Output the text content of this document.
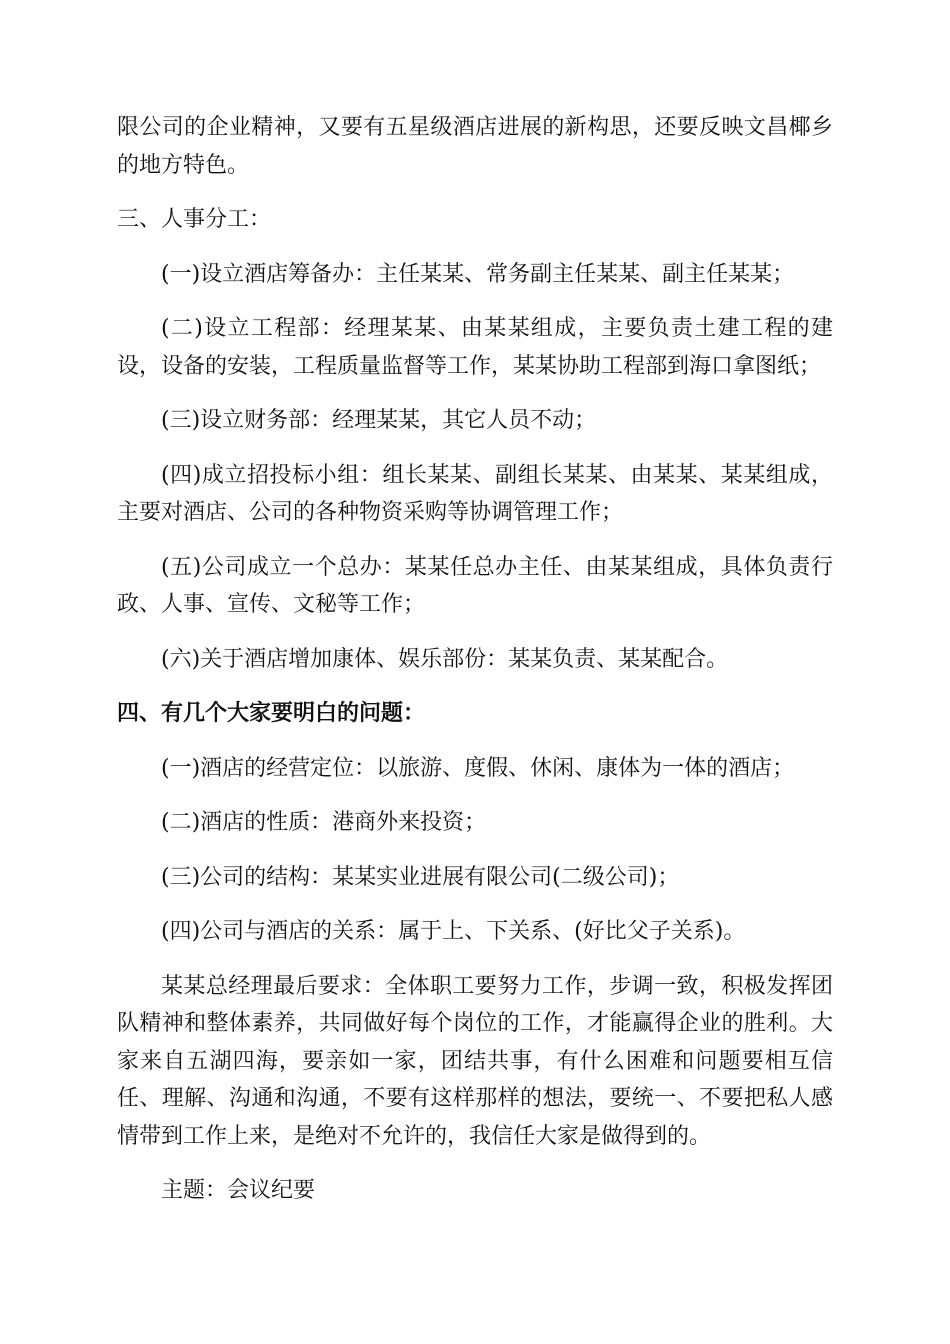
限公司的企业精神，又要有五星级酒店进展的新构思，还要反映文昌椰乡的地方特色。

三、人事分工：

(一)设立酒店筹备办：主任某某、常务副主任某某、副主任某某；

(二)设立工程部：经理某某、由某某组成，主要负责土建工程的建设，设备的安装，工程质量监督等工作，某某协助工程部到海口拿图纸；

(三)设立财务部：经理某某，其它人员不动；

(四)成立招投标小组：组长某某、副组长某某、由某某、某某组成，主要对酒店、公司的各种物资采购等协调管理工作；

(五)公司成立一个总办：某某任总办主任、由某某组成，具体负责行政、人事、宣传、文秘等工作；

(六)关于酒店增加康体、娱乐部份：某某负责、某某配合。

四、有几个大家要明白的问题：

(一)酒店的经营定位：以旅游、度假、休闲、康体为一体的酒店；

(二)酒店的性质：港商外来投资；

(三)公司的结构：某某实业进展有限公司(二级公司)；

(四)公司与酒店的关系：属于上、下关系、(好比父子关系)。

某某总经理最后要求：全体职工要努力工作，步调一致，积极发挥团队精神和整体素养，共同做好每个岗位的工作，才能赢得企业的胜利。大家来自五湖四海，要亲如一家，团结共事，有什么困难和问题要相互信任、理解、沟通和沟通，不要有这样那样的想法，要统一、不要把私人感情带到工作上来，是绝对不允许的，我信任大家是做得到的。

主题：会议纪要
